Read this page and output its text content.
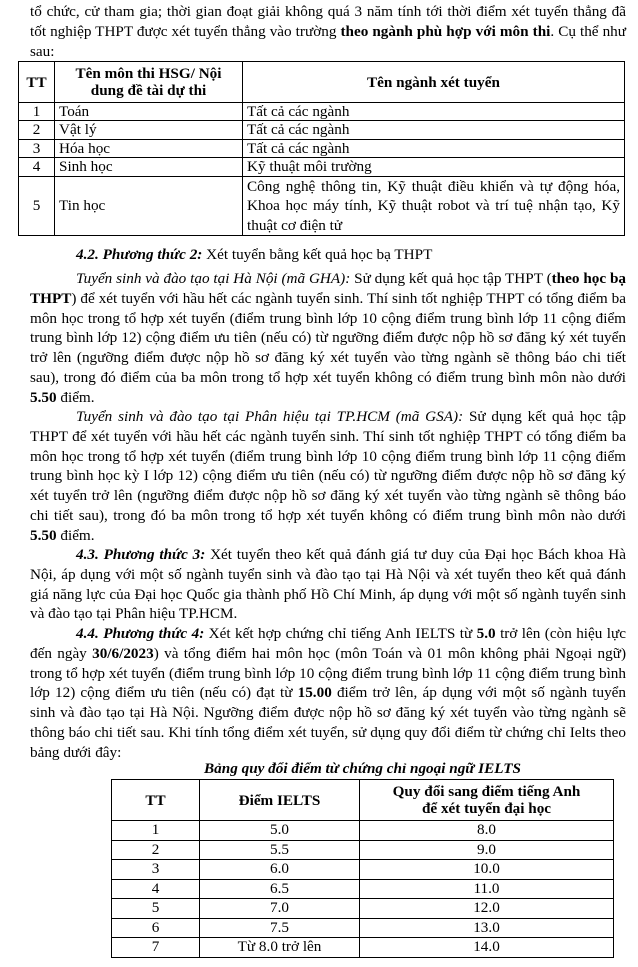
tổ chức, cử tham gia; thời gian đoạt giải không quá 3 năm tính tới thời điểm xét tuyển thẳng đã tốt nghiệp THPT được xét tuyển thẳng vào trường theo ngành phù hợp với môn thi. Cụ thể như sau:

TT	Tên môn thi HSG/ Nội dung đề tài dự thi	Tên ngành xét tuyển
1	Toán	Tất cả các ngành
2	Vật lý	Tất cả các ngành
3	Hóa học	Tất cả các ngành
4	Sinh học	Kỹ thuật môi trường
5	Tin học	Công nghệ thông tin, Kỹ thuật điều khiển và tự động hóa, Khoa học máy tính, Kỹ thuật robot và trí tuệ nhận tạo, Kỹ thuật cơ điện tử

4.2. Phương thức 2: Xét tuyển bằng kết quả học bạ THPT

Tuyển sinh và đào tạo tại Hà Nội (mã GHA): Sử dụng kết quả học tập THPT (theo học bạ THPT) để xét tuyển với hầu hết các ngành tuyển sinh. Thí sinh tốt nghiệp THPT có tổng điểm ba môn học trong tổ hợp xét tuyển (điểm trung bình lớp 10 cộng điểm trung bình lớp 11 cộng điểm trung bình lớp 12) cộng điểm ưu tiên (nếu có) từ ngưỡng điểm được nộp hồ sơ đăng ký xét tuyển trở lên (ngưỡng điểm được nộp hồ sơ đăng ký xét tuyển vào từng ngành sẽ thông báo chi tiết sau), trong đó điểm của ba môn trong tổ hợp xét tuyển không có điểm trung bình môn nào dưới 5.50 điểm.

Tuyển sinh và đào tạo tại Phân hiệu tại TP.HCM (mã GSA): Sử dụng kết quả học tập THPT để xét tuyển với hầu hết các ngành tuyển sinh. Thí sinh tốt nghiệp THPT có tổng điểm ba môn học trong tổ hợp xét tuyển (điểm trung bình lớp 10 cộng điểm trung bình lớp 11 cộng điểm trung bình học kỳ I lớp 12) cộng điểm ưu tiên (nếu có) từ ngưỡng điểm được nộp hồ sơ đăng ký xét tuyển trở lên (ngưỡng điểm được nộp hồ sơ đăng ký xét tuyển vào từng ngành sẽ thông báo chi tiết sau), trong đó ba môn trong tổ hợp xét tuyển không có điểm trung bình môn nào dưới 5.50 điểm.

4.3. Phương thức 3: Xét tuyển theo kết quả đánh giá tư duy của Đại học Bách khoa Hà Nội, áp dụng với một số ngành tuyển sinh và đào tạo tại Hà Nội và xét tuyển theo kết quả đánh giá năng lực của Đại học Quốc gia thành phố Hồ Chí Minh, áp dụng với một số ngành tuyển sinh và đào tạo tại Phân hiệu TP.HCM.

4.4. Phương thức 4: Xét kết hợp chứng chỉ tiếng Anh IELTS từ 5.0 trở lên (còn hiệu lực đến ngày 30/6/2023) và tổng điểm hai môn học (môn Toán và 01 môn không phải Ngoại ngữ) trong tổ hợp xét tuyển (điểm trung bình lớp 10 cộng điểm trung bình lớp 11 cộng điểm trung bình lớp 12) cộng điểm ưu tiên (nếu có) đạt từ 15.00 điểm trở lên, áp dụng với một số ngành tuyển sinh và đào tạo tại Hà Nội. Ngưỡng điểm được nộp hồ sơ đăng ký xét tuyển vào từng ngành sẽ thông báo chi tiết sau. Khi tính tổng điểm xét tuyển, sử dụng quy đổi điểm từ chứng chỉ Ielts theo bảng dưới đây:

Bảng quy đổi điểm từ chứng chỉ ngoại ngữ IELTS
TT	Điểm IELTS	Quy đổi sang điểm tiếng Anh để xét tuyển đại học
1	5.0	8.0
2	5.5	9.0
3	6.0	10.0
4	6.5	11.0
5	7.0	12.0
6	7.5	13.0
7	Từ 8.0 trở lên	14.0
